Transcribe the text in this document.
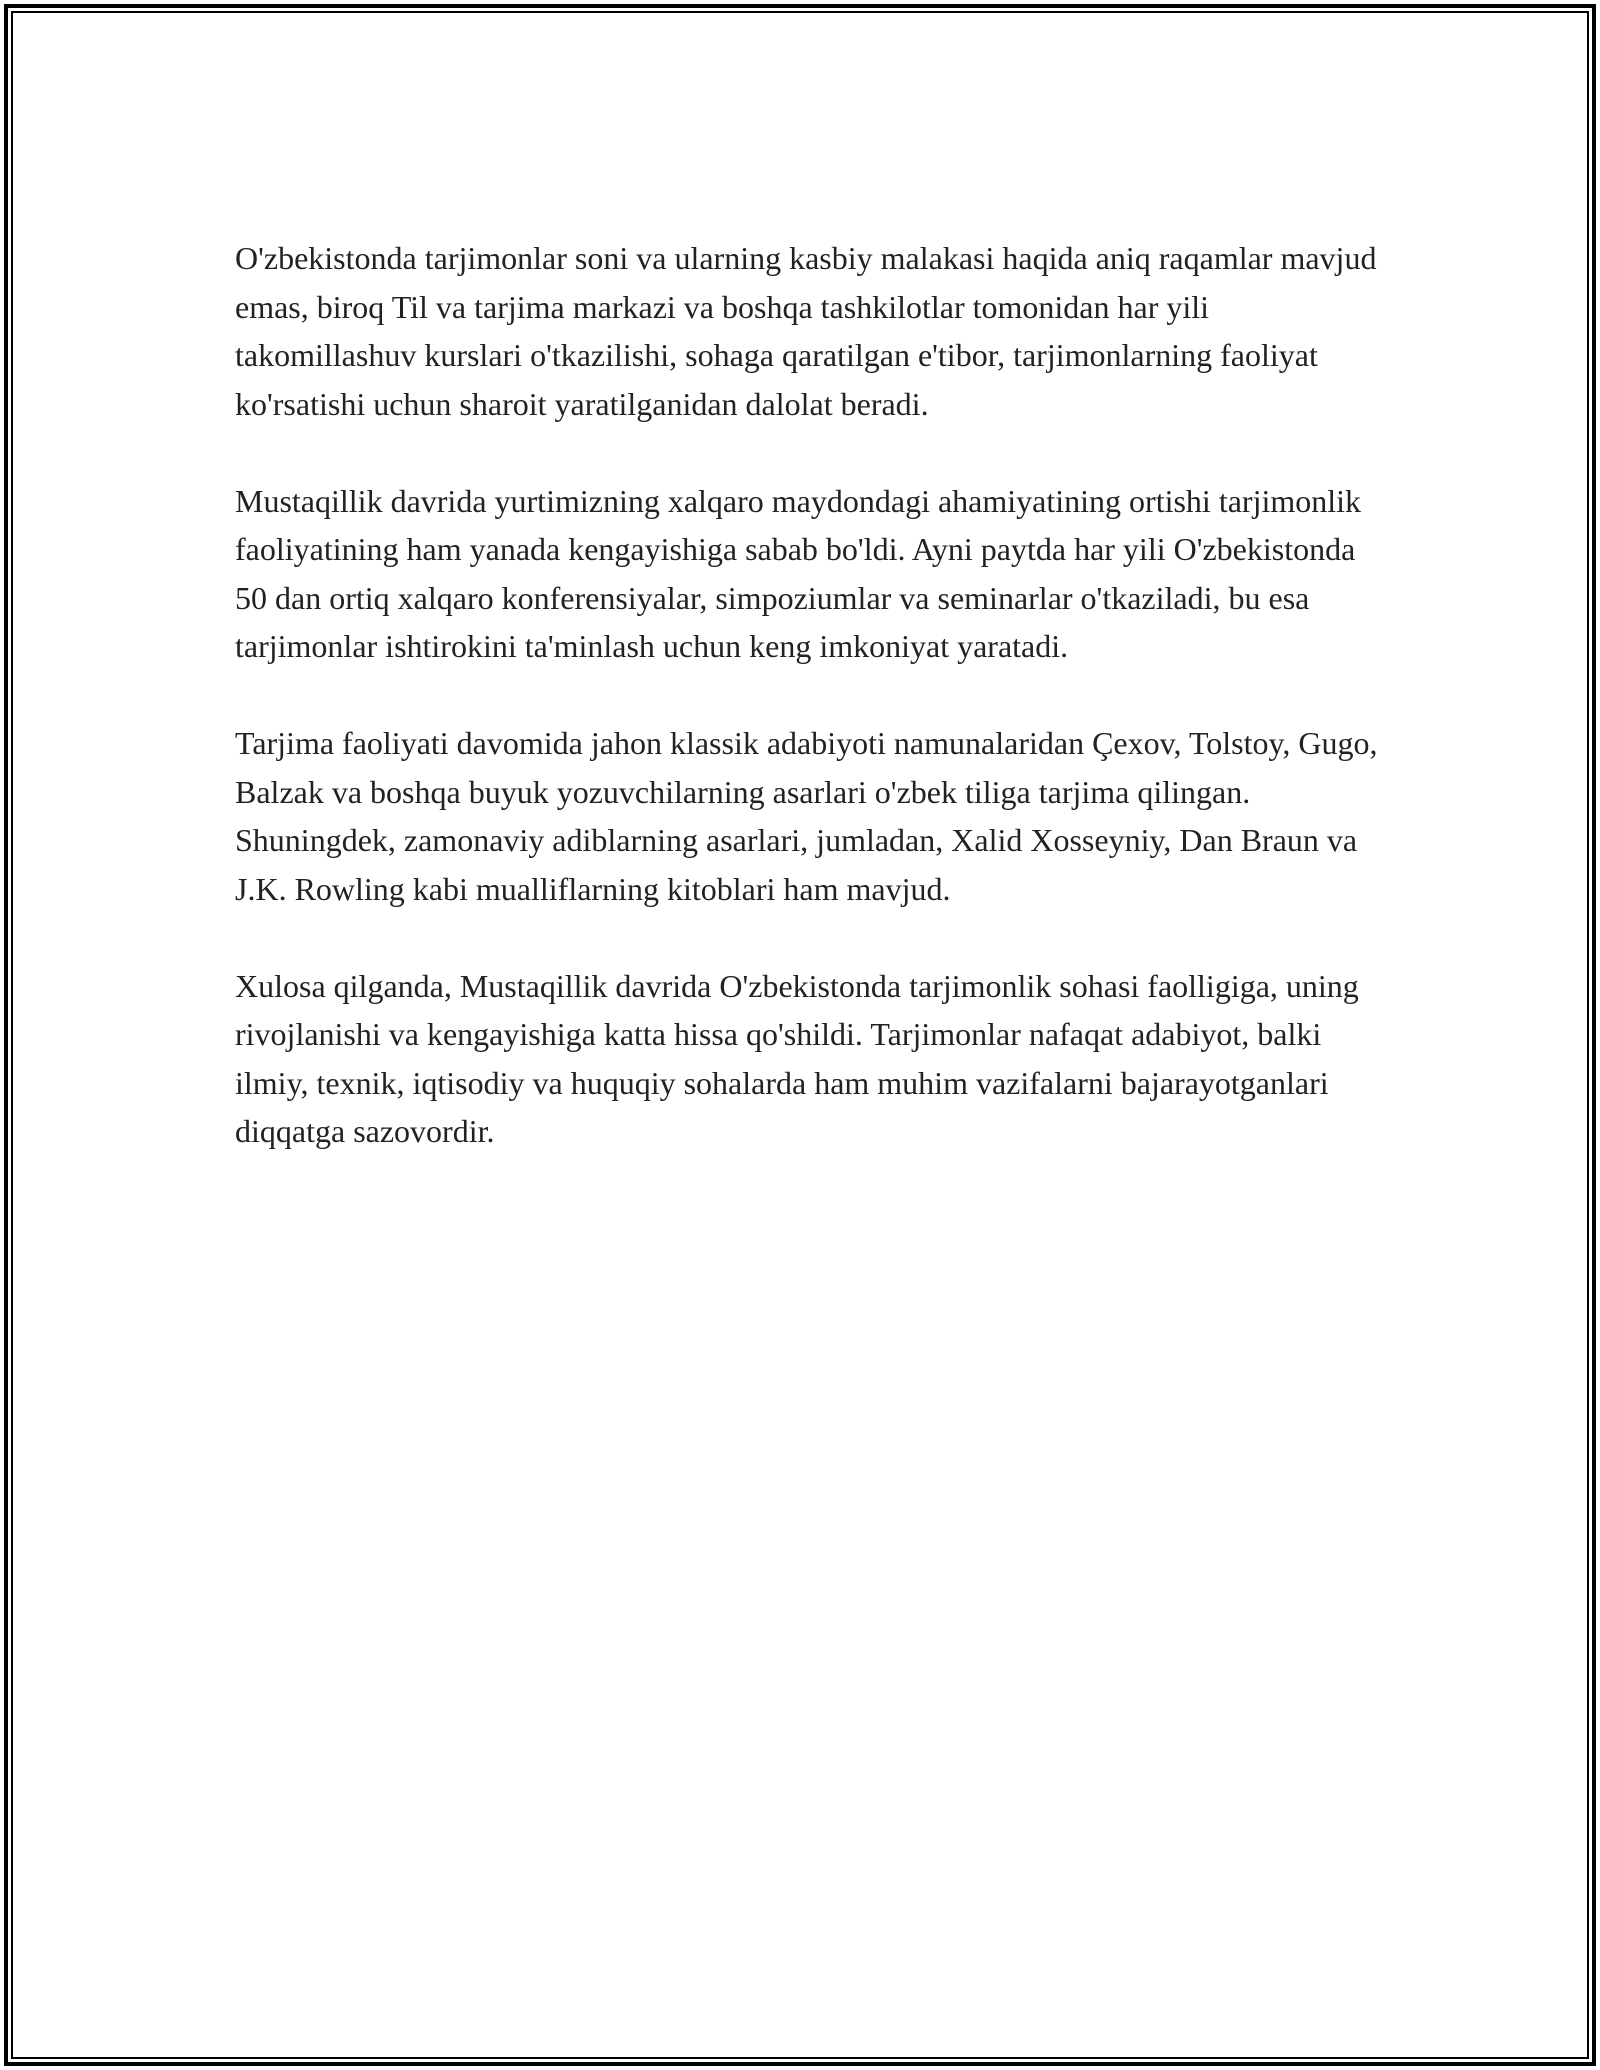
O'zbekistonda tarjimonlar soni va ularning kasbiy malakasi haqida aniq raqamlar mavjud emas, biroq Til va tarjima markazi va boshqa tashkilotlar tomonidan har yili takomillashuv kurslari o'tkazilishi, sohaga qaratilgan e'tibor, tarjimonlarning faoliyat ko'rsatishi uchun sharoit yaratilganidan dalolat beradi.

Mustaqillik davrida yurtimizning xalqaro maydondagi ahamiyatining ortishi tarjimonlik faoliyatining ham yanada kengayishiga sabab bo'ldi. Ayni paytda har yili O'zbekistonda 50 dan ortiq xalqaro konferensiyalar, simpoziumlar va seminarlar o'tkaziladi, bu esa tarjimonlar ishtirokini ta'minlash uchun keng imkoniyat yaratadi.

Tarjima faoliyati davomida jahon klassik adabiyoti namunalaridan Çexov, Tolstoy, Gugo, Balzak va boshqa buyuk yozuvchilarning asarlari o'zbek tiliga tarjima qilingan. Shuningdek, zamonaviy adiblarning asarlari, jumladan, Xalid Xosseyniy, Dan Braun va J.K. Rowling kabi mualliflarning kitoblari ham mavjud.

Xulosa qilganda, Mustaqillik davrida O'zbekistonda tarjimonlik sohasi faolligiga, uning rivojlanishi va kengayishiga katta hissa qo'shildi. Tarjimonlar nafaqat adabiyot, balki ilmiy, texnik, iqtisodiy va huquqiy sohalarda ham muhim vazifalarni bajarayotganlari diqqatga sazovordir.
